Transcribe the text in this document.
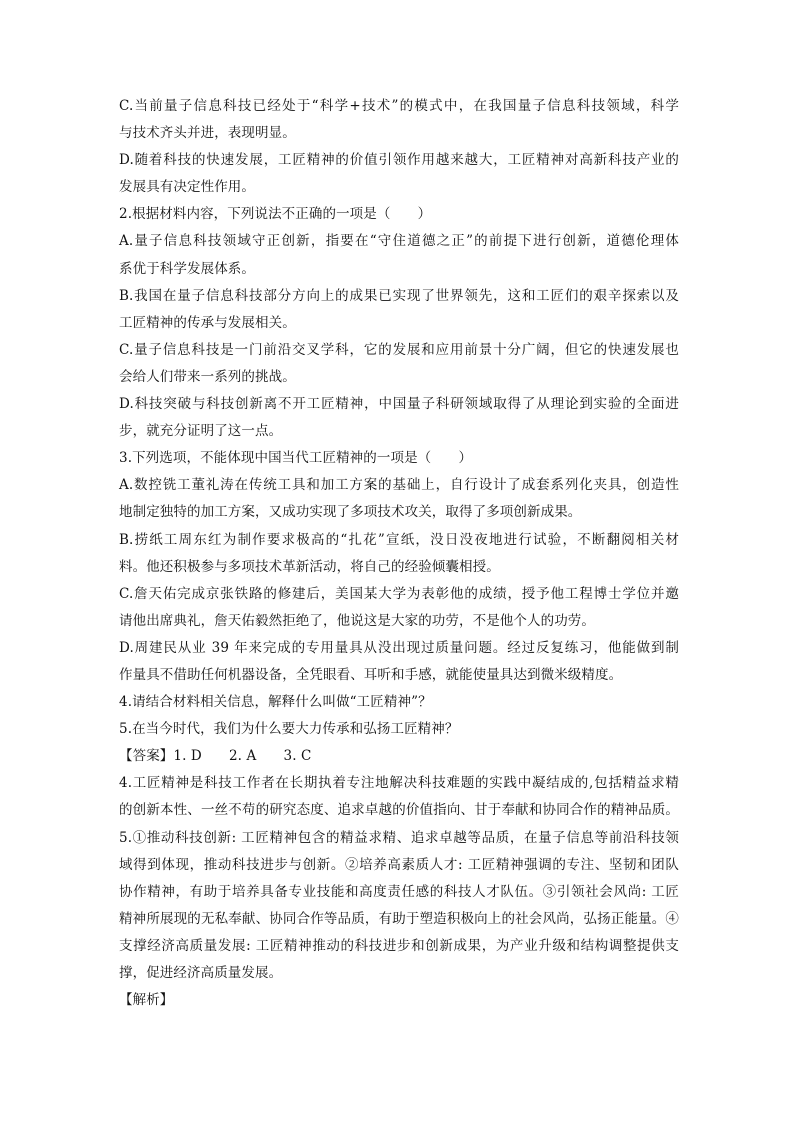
C.当前量子信息科技已经处于“科学+技术”的模式中，在我国量子信息科技领域，科学
与技术齐头并进，表现明显。
D.随着科技的快速发展，工匠精神的价值引领作用越来越大，工匠精神对高新科技产业的
发展具有决定性作用。
2.根据材料内容，下列说法不正确的一项是（　　）
A.量子信息科技领域守正创新，指要在“守住道德之正”的前提下进行创新，道德伦理体
系优于科学发展体系。
B.我国在量子信息科技部分方向上的成果已实现了世界领先，这和工匠们的艰辛探索以及
工匠精神的传承与发展相关。
C.量子信息科技是一门前沿交叉学科，它的发展和应用前景十分广阔，但它的快速发展也
会给人们带来一系列的挑战。
D.科技突破与科技创新离不开工匠精神，中国量子科研领域取得了从理论到实验的全面进
步，就充分证明了这一点。
3.下列选项，不能体现中国当代工匠精神的一项是（　　）
A.数控铣工董礼涛在传统工具和加工方案的基础上，自行设计了成套系列化夹具，创造性
地制定独特的加工方案，又成功实现了多项技术攻关，取得了多项创新成果。
B.捞纸工周东红为制作要求极高的“扎花”宣纸，没日没夜地进行试验，不断翻阅相关材
料。他还积极参与多项技术革新活动，将自己的经验倾囊相授。
C.詹天佑完成京张铁路的修建后，美国某大学为表彰他的成绩，授予他工程博士学位并邀
请他出席典礼，詹天佑毅然拒绝了，他说这是大家的功劳，不是他个人的功劳。
D.周建民从业 39 年来完成的专用量具从没出现过质量问题。经过反复练习，他能做到制
作量具不借助任何机器设备，全凭眼看、耳听和手感，就能使量具达到微米级精度。
4.请结合材料相关信息，解释什么叫做“工匠精神”？
5.在当今时代，我们为什么要大力传承和弘扬工匠精神？
【答案】1. D　　2. A　　3. C
4.工匠精神是科技工作者在长期执着专注地解决科技难题的实践中凝结成的,包括精益求精
的创新本性、一丝不苟的研究态度、追求卓越的价值指向、甘于奉献和协同合作的精神品质。
5.①推动科技创新: 工匠精神包含的精益求精、追求卓越等品质，在量子信息等前沿科技领
域得到体现，推动科技进步与创新。②培养高素质人才: 工匠精神强调的专注、坚韧和团队
协作精神，有助于培养具备专业技能和高度责任感的科技人才队伍。③引领社会风尚: 工匠
精神所展现的无私奉献、协同合作等品质，有助于塑造积极向上的社会风尚，弘扬正能量。④
支撑经济高质量发展: 工匠精神推动的科技进步和创新成果，为产业升级和结构调整提供支
撑，促进经济高质量发展。
【解析】
